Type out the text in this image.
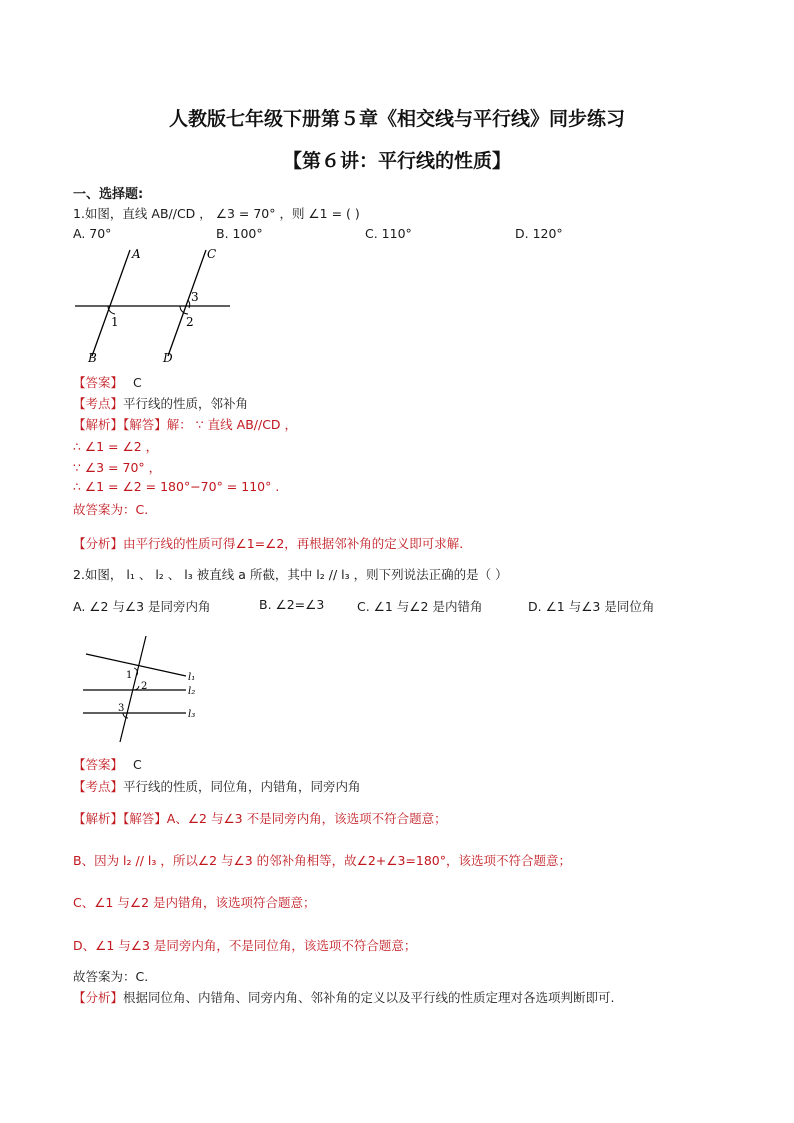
人教版七年级下册第５章《相交线与平行线》同步练习
【第６讲：平行线的性质】
一、选择题:
1.如图，直线 AB//CD ， ∠3 = 70° ，则 ∠1 = ( )
A. 70°	B. 100°	C. 110°	D. 120°
A	C
3
1	2
B	D
【答案】 C
【考点】平行线的性质，邻补角
【解析】【解答】解： ∵ 直线 AB//CD ，
∴ ∠1 = ∠2 ，
∵ ∠3 = 70° ，
∴ ∠1 = ∠2 = 180°−70° = 110° .
故答案为：C.
【分析】由平行线的性质可得∠1=∠2，再根据邻补角的定义即可求解.
2.如图， l₁ 、 l₂ 、 l₃ 被直线 a 所截，其中 l₂ // l₃ ，则下列说法正确的是（ ）
A. ∠2 与∠3 是同旁内角	B. ∠2=∠3	C. ∠1 与∠2 是内错角	D. ∠1 与∠3 是同位角
1
2
l₁
l₂
3
l₃
【答案】 C
【考点】平行线的性质，同位角，内错角，同旁内角
【解析】【解答】A、∠2 与∠3 不是同旁内角，该选项不符合题意；
B、因为 l₂ // l₃ ，所以∠2 与∠3 的邻补角相等，故∠2+∠3=180°，该选项不符合题意；
C、∠1 与∠2 是内错角，该选项符合题意；
D、∠1 与∠3 是同旁内角，不是同位角，该选项不符合题意；
故答案为：C.
【分析】根据同位角、内错角、同旁内角、邻补角的定义以及平行线的性质定理对各选项判断即可.
